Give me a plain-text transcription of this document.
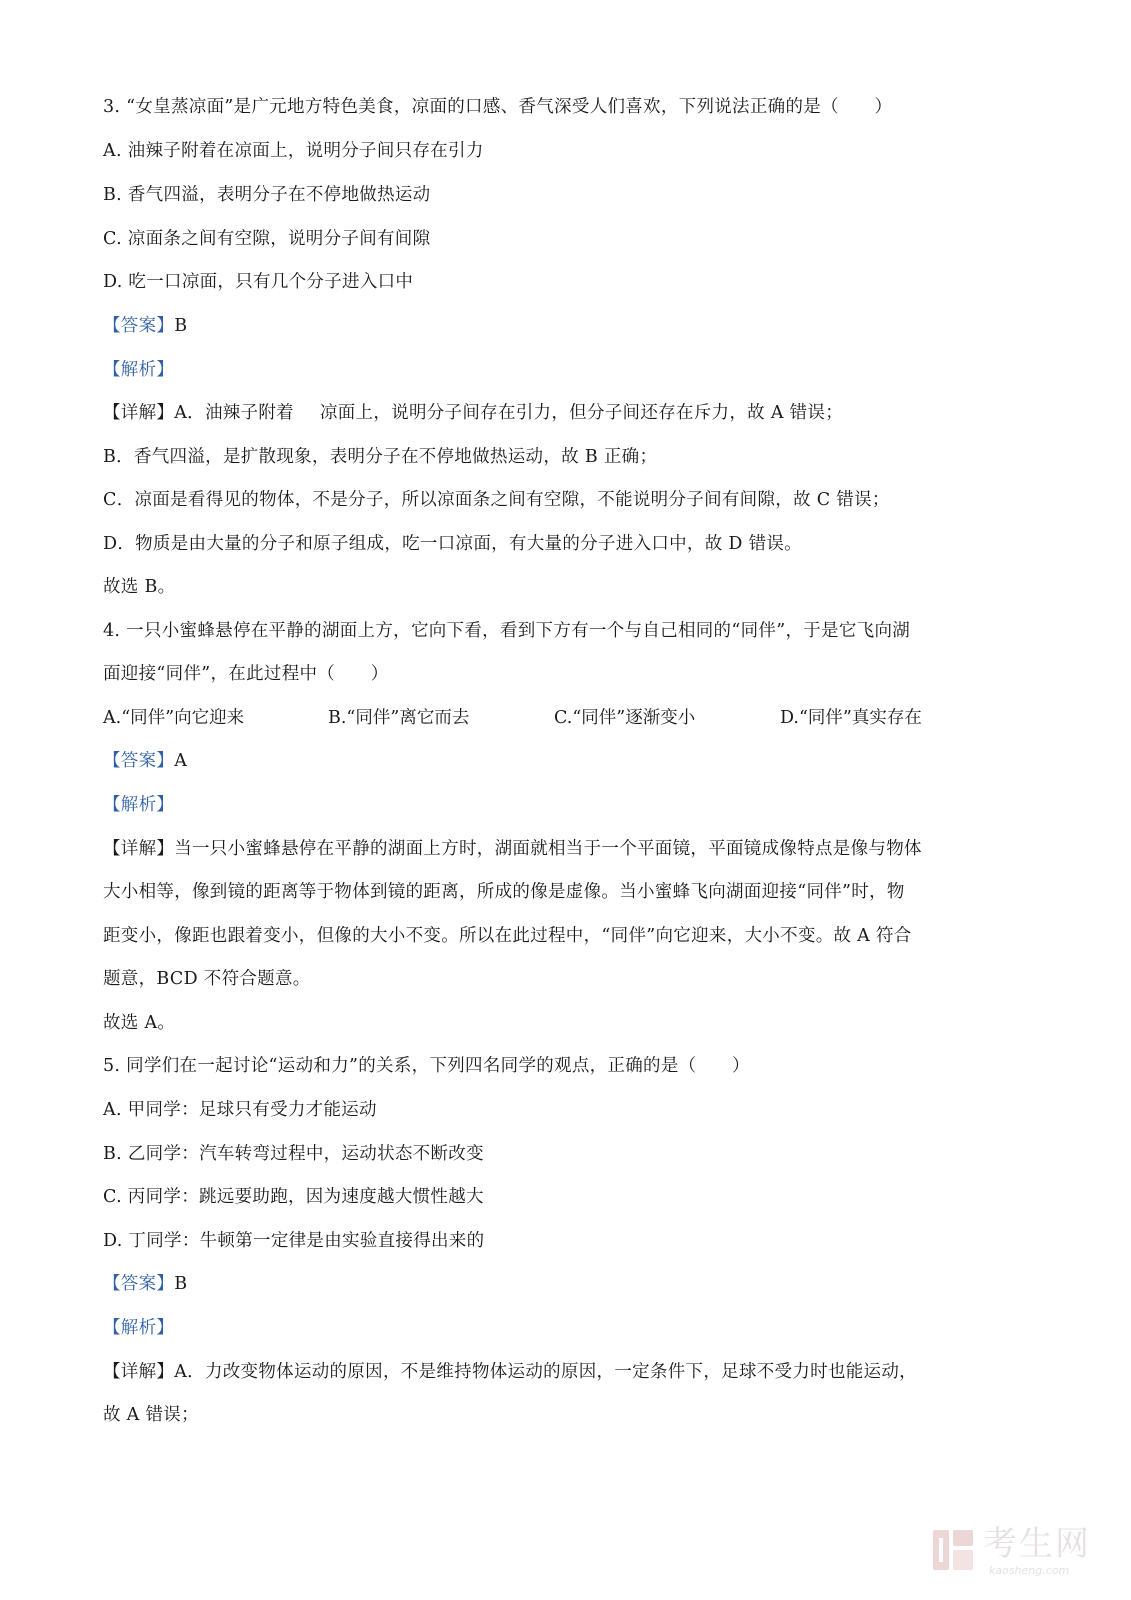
3. “女皇蒸凉面”是广元地方特色美食，凉面的口感、香气深受人们喜欢，下列说法正确的是（　　）
A. 油辣子附着在凉面上，说明分子间只存在引力
B. 香气四溢，表明分子在不停地做热运动
C. 凉面条之间有空隙，说明分子间有间隙
D. 吃一口凉面，只有几个分子进入口中
【答案】B
【解析】
【详解】A．油辣子附着 凉面上，说明分子间存在引力，但分子间还存在斥力，故 A 错误；
B．香气四溢，是扩散现象，表明分子在不停地做热运动，故 B 正确；
C．凉面是看得见的物体，不是分子，所以凉面条之间有空隙，不能说明分子间有间隙，故 C 错误；
D．物质是由大量的分子和原子组成，吃一口凉面，有大量的分子进入口中，故 D 错误。
故选 B。
4. 一只小蜜蜂悬停在平静的湖面上方，它向下看，看到下方有一个与自己相同的“同伴”，于是它飞向湖
面迎接“同伴”，在此过程中（　　）
A.“同伴”向它迎来	B.“同伴”离它而去	C.“同伴”逐渐变小	D.“同伴”真实存在
【答案】A
【解析】
【详解】当一只小蜜蜂悬停在平静的湖面上方时，湖面就相当于一个平面镜，平面镜成像特点是像与物体
大小相等，像到镜的距离等于物体到镜的距离，所成的像是虚像。当小蜜蜂飞向湖面迎接“同伴”时，物
距变小，像距也跟着变小，但像的大小不变。所以在此过程中，“同伴”向它迎来，大小不变。故 A 符合
题意，BCD 不符合题意。
故选 A。
5. 同学们在一起讨论“运动和力”的关系，下列四名同学的观点，正确的是（　　）
A. 甲同学：足球只有受力才能运动
B. 乙同学：汽车转弯过程中，运动状态不断改变
C. 丙同学：跳远要助跑，因为速度越大惯性越大
D. 丁同学：牛顿第一定律是由实验直接得出来的
【答案】B
【解析】
【详解】A．力改变物体运动的原因，不是维持物体运动的原因，一定条件下，足球不受力时也能运动，
故 A 错误；
考生网
kaosheng.com
